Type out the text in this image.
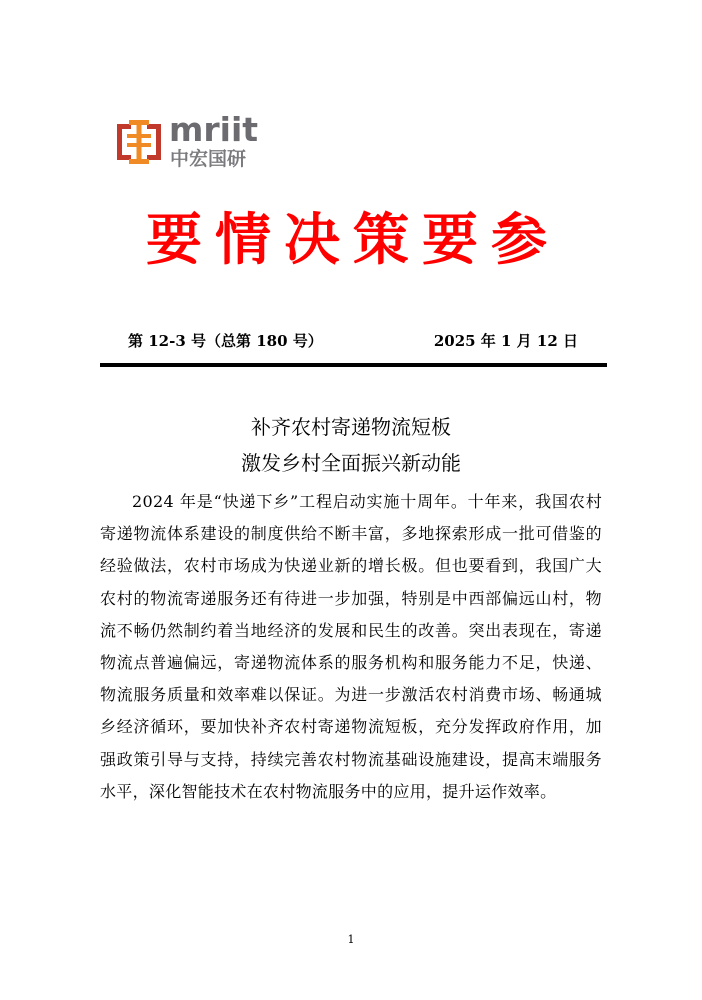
mriit
中宏国研
要情决策要参
第 12-3 号（总第 180 号）	2025 年 1 月 12 日
补齐农村寄递物流短板
激发乡村全面振兴新动能
2024 年是“快递下乡”工程启动实施十周年。十年来，我国农村寄递物流体系建设的制度供给不断丰富，多地探索形成一批可借鉴的经验做法，农村市场成为快递业新的增长极。但也要看到，我国广大农村的物流寄递服务还有待进一步加强，特别是中西部偏远山村，物流不畅仍然制约着当地经济的发展和民生的改善。突出表现在，寄递物流点普遍偏远，寄递物流体系的服务机构和服务能力不足，快递、物流服务质量和效率难以保证。为进一步激活农村消费市场、畅通城乡经济循环，要加快补齐农村寄递物流短板，充分发挥政府作用，加强政策引导与支持，持续完善农村物流基础设施建设，提高末端服务水平，深化智能技术在农村物流服务中的应用，提升运作效率。
1
